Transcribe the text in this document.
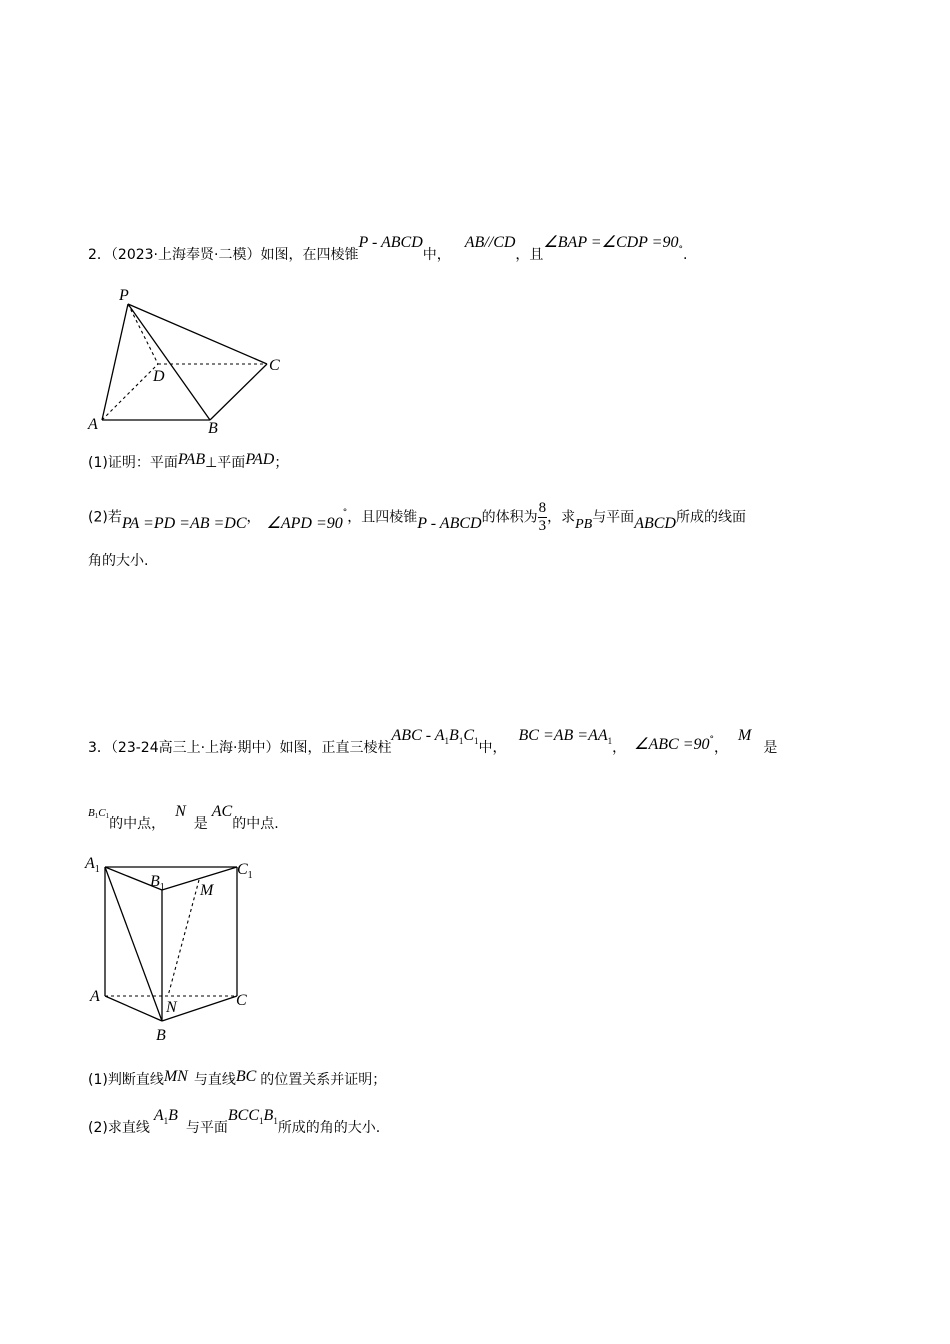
2．（2023·上海奉贤·二模）如图，在四棱锥P - ABCD中，AB//CD，且∠BAP =∠CDP =90°.
P
D
C
A	B
(1)证明：平面PAB⊥平面PAD；
(2)若PA =PD =AB =DC， ∠APD =90°，且四棱锥P - ABCD的体积为 $\frac{8}{3}$ ，求PB与平面ABCD所成的线面
角的大小.
3．（23-24高三上·上海·期中）如图，正直三棱柱ABC - $A_1B_1C_1$中，BC $=AB =AA_1$， ∠ABC =90°，M是
$^{B1C1}$的中点，N是AC的中点.
$A_1$
$B_1$
$C_1$
M
A
N	C
B
(1)判断直线MN 与直线BC 的位置关系并证明；
(2)求直线$A_1B$与平面$BCC_1B_1$所成的角的大小.
